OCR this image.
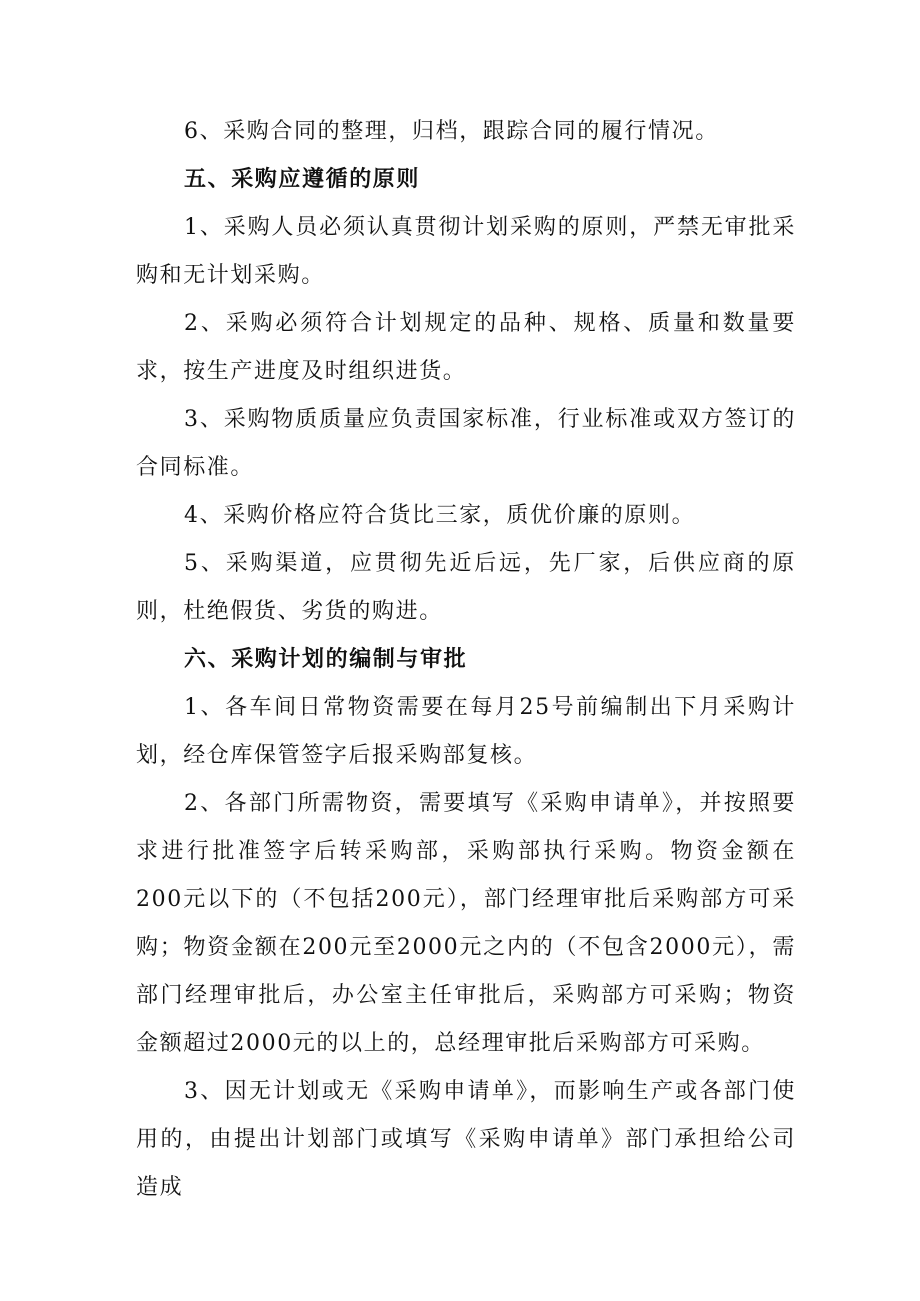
6、采购合同的整理，归档，跟踪合同的履行情况。

五、采购应遵循的原则

1、采购人员必须认真贯彻计划采购的原则，严禁无审批采购和无计划采购。

2、采购必须符合计划规定的品种、规格、质量和数量要求，按生产进度及时组织进货。

3、采购物质质量应负责国家标准，行业标准或双方签订的合同标准。

4、采购价格应符合货比三家，质优价廉的原则。

5、采购渠道，应贯彻先近后远，先厂家，后供应商的原则，杜绝假货、劣货的购进。

六、采购计划的编制与审批

1、各车间日常物资需要在每月25号前编制出下月采购计划，经仓库保管签字后报采购部复核。

2、各部门所需物资，需要填写《采购申请单》，并按照要求进行批准签字后转采购部，采购部执行采购。物资金额在200元以下的（不包括200元），部门经理审批后采购部方可采购；物资金额在200元至2000元之内的（不包含2000元），需部门经理审批后，办公室主任审批后，采购部方可采购；物资金额超过2000元的以上的，总经理审批后采购部方可采购。

3、因无计划或无《采购申请单》，而影响生产或各部门使用的，由提出计划部门或填写《采购申请单》部门承担给公司造成
